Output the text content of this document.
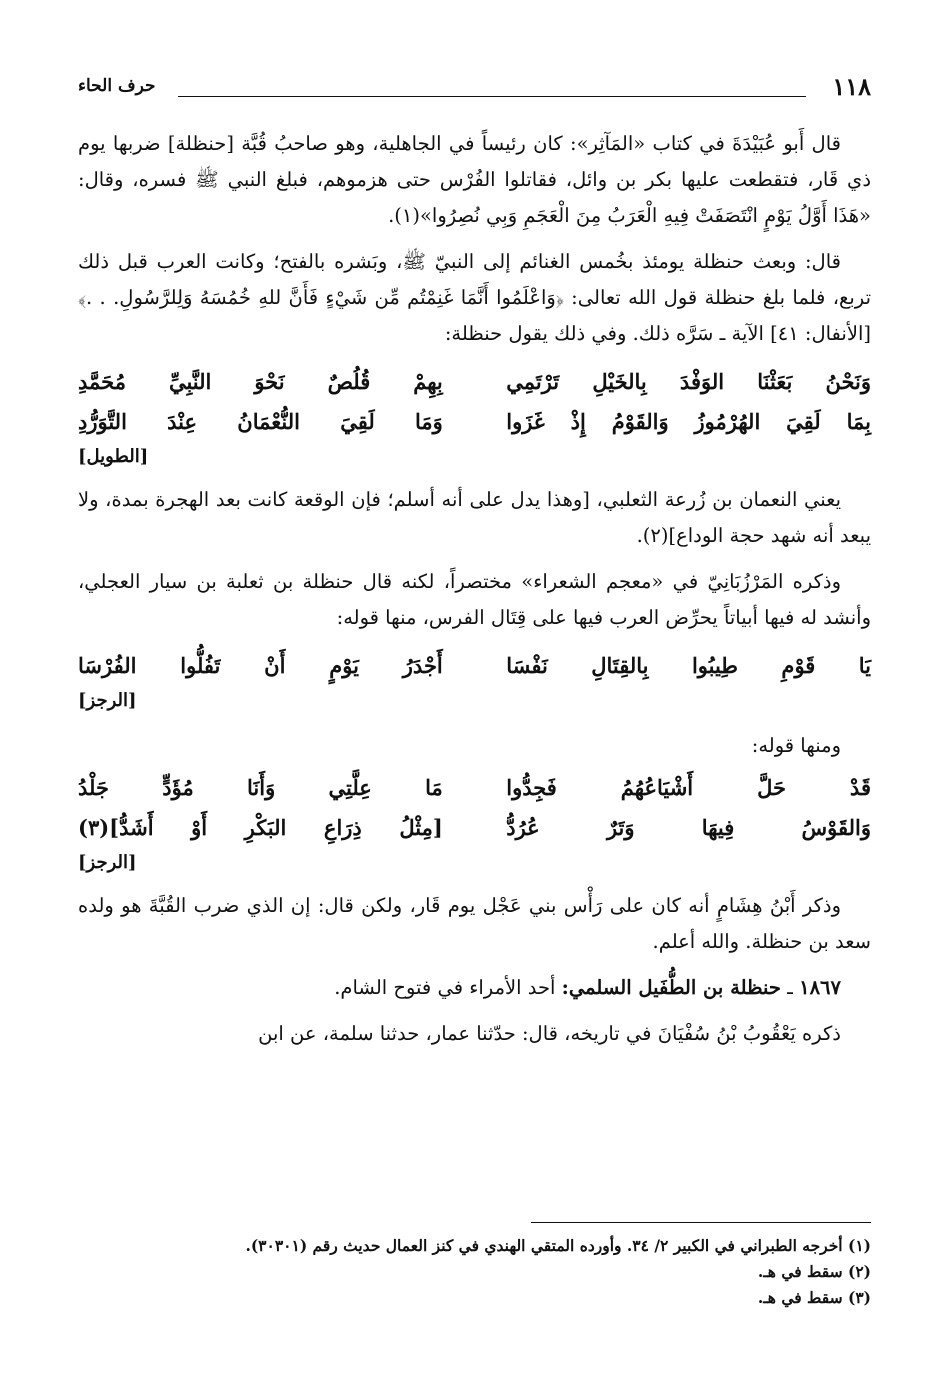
١١٨
حرف الحاء

قال أَبو عُبَيْدَةَ في كتاب «المَآثِر»: كان رئيساً في الجاهلية، وهو صاحبُ قُبَّة [حنظلة] ضربها يوم ذي قَار، فتقطعت عليها بكر بن وائل، فقاتلوا الفُرْس حتى هزموهم، فبلغ النبي ﷺ فسره، وقال: «هَذَا أَوَّلُ يَوْمٍ انْتَصَفَتْ فِيهِ الْعَرَبُ مِنَ الْعَجَمِ وَبِي نُصِرُوا»(١).

قال: وبعث حنظلة يومئذ بخُمس الغنائم إلى النبيّ ﷺ، وبَشره بالفتح؛ وكانت العرب قبل ذلك تربع، فلما بلغ حنظلة قول الله تعالى: ﴿وَاعْلَمُوا أَنَّمَا غَنِمْتُم مِّن شَيْءٍ فَأَنَّ للهِ خُمُسَهُ وَلِلرَّسُولِ. . .﴾ [الأنفال: ٤١] الآية ـ سَرَّه ذلك. وفي ذلك يقول حنظلة:

وَنَحْنُ بَعَثْنَا الوَفْدَ بِالخَيْلِ تَرْتَمِي
بِهِمْ قُلُصٌ نَحْوَ النَّبِيِّ مُحَمَّدِ
بِمَا لَقِيَ الهُرْمُوزُ وَالقَوْمُ إِذْ غَزَوا
وَمَا لَقِيَ النُّعْمَانُ عِنْدَ التَّوَرُّدِ
[الطويل]

يعني النعمان بن زُرعة الثعلبي، [وهذا يدل على أنه أسلم؛ فإن الوقعة كانت بعد الهجرة بمدة، ولا يبعد أنه شهد حجة الوداع](٢).

وذكره المَرْزُبَانِيّ في «معجم الشعراء» مختصراً، لكنه قال حنظلة بن ثعلبة بن سيار العجلي، وأنشد له فيها أبياتاً يحرِّض العرب فيها على قِتَال الفرس، منها قوله:

يَا قَوْمِ طِيبُوا بِالقِتَالِ نَفْسَا
أَجْدَرُ يَوْمٍ أَنْ تَفُلُّوا الفُرْسَا
[الرجز]

ومنها قوله:

قَدْ حَلَّ أَشْيَاعُهُمُ فَجِدُّوا
مَا عِلَّتِي وَأَنَا مُؤَدٍّ جَلْدُ
وَالقَوْسُ فِيهَا وَتَرٌ عُرُدُّ
[مِثْلُ ذِرَاعِ البَكْرِ أَوْ أَشَدُّ](٣)
[الرجز]

وذكر أَبْنُ هِشَامٍ أنه كان على رَأْس بني عَجْل يوم قَار، ولكن قال: إن الذي ضرب القُبَّةَ هو ولده سعد بن حنظلة. والله أعلم.

١٨٦٧ ـ حنظلة بن الطُّفَيل السلمي: أحد الأمراء في فتوح الشام.

ذكره يَعْقُوبُ بْنُ سُفْيَانَ في تاريخه، قال: حدّثنا عمار، حدثنا سلمة، عن ابن

(١) أخرجه الطبراني في الكبير ٢/ ٣٤. وأورده المتقي الهندي في كنز العمال حديث رقم (٣٠٣٠١).
(٢) سقط في هـ.
(٣) سقط في هـ.
